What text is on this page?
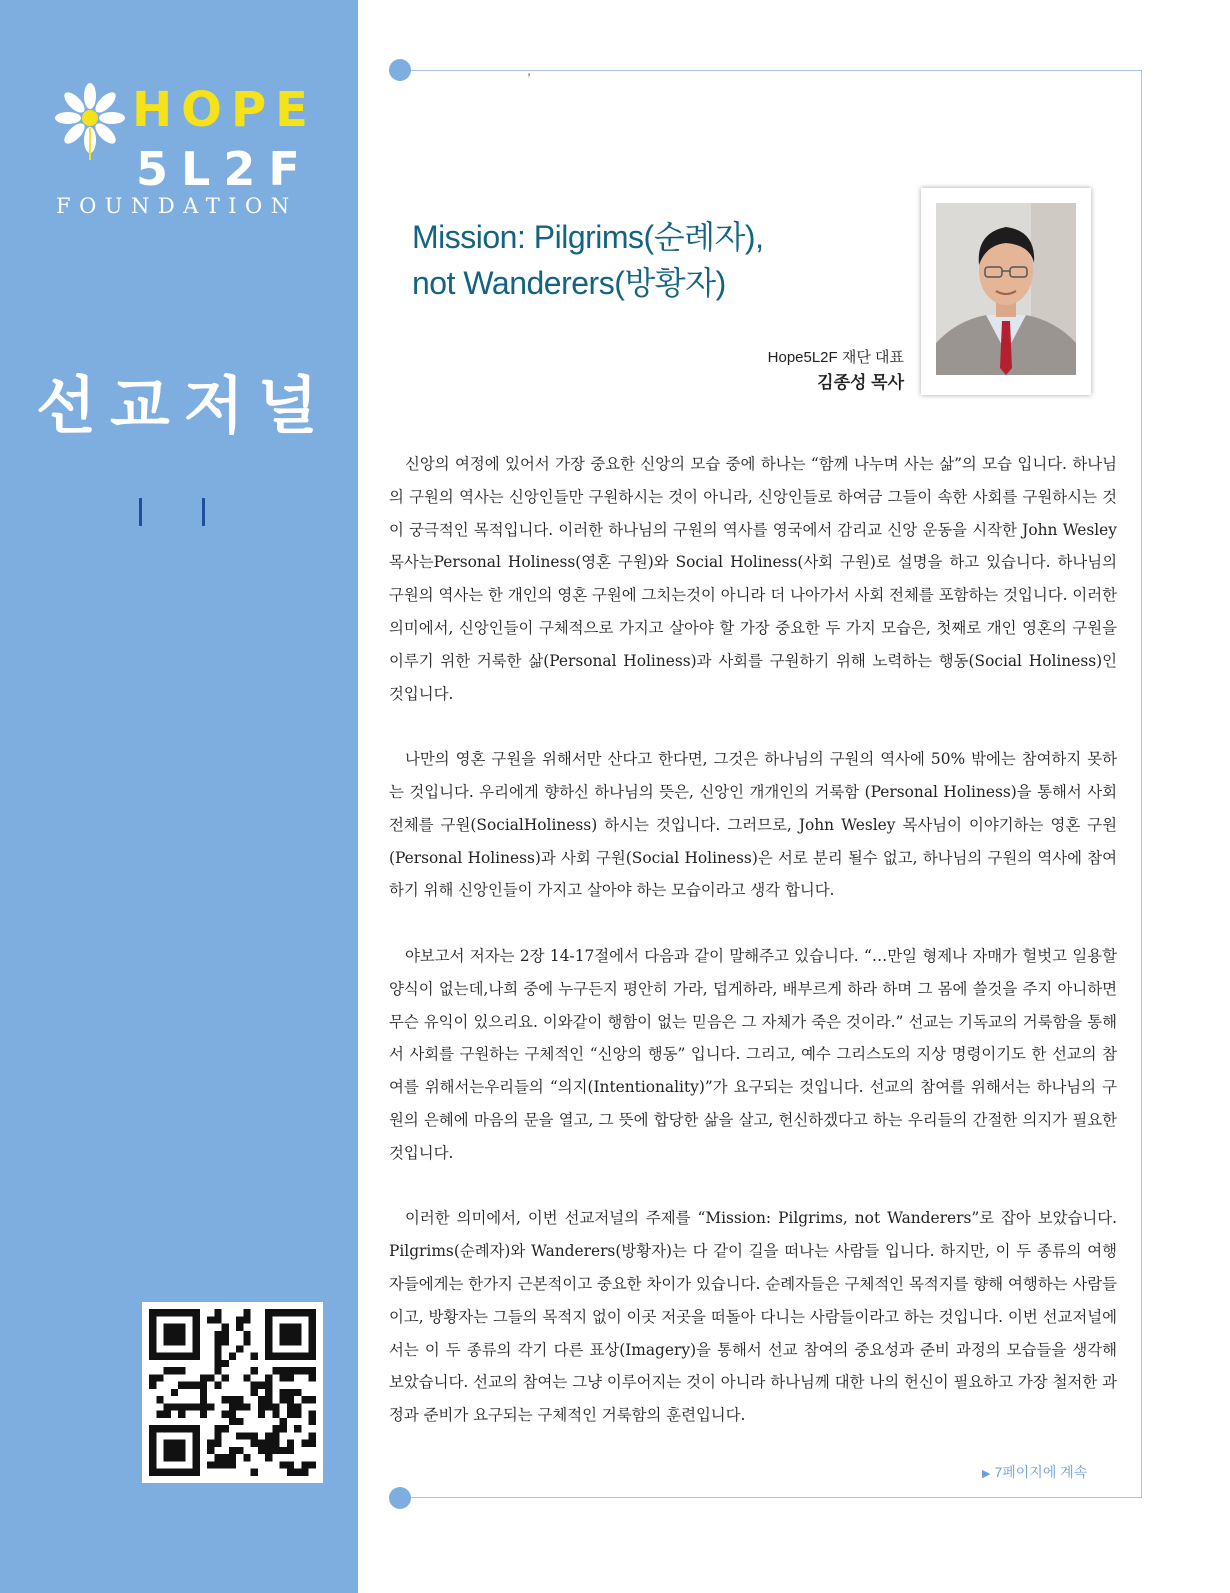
HOPE
5L2F
FOUNDATION
선교저널
’
Mission: Pilgrims(순례자),
not Wanderers(방황자)
Hope5L2F 재단 대표
김종성 목사

신앙의 여정에 있어서 가장 중요한 신앙의 모습 중에 하나는 “함께 나누며 사는 삶”의 모습 입니다. 하나님의 구원의 역사는 신앙인들만 구원하시는 것이 아니라, 신앙인들로 하여금 그들이 속한 사회를 구원하시는 것이 궁극적인 목적입니다. 이러한 하나님의 구원의 역사를 영국에서 감리교 신앙 운동을 시작한 John Wesley 목사는Personal Holiness(영혼 구원)와 Social Holiness(사회 구원)로 설명을 하고 있습니다. 하나님의 구원의 역사는 한 개인의 영혼 구원에 그치는것이 아니라 더 나아가서 사회 전체를 포함하는 것입니다. 이러한 의미에서, 신앙인들이 구체적으로 가지고 살아야 할 가장 중요한 두 가지 모습은, 첫째로 개인 영혼의 구원을 이루기 위한 거룩한 삶(Personal Holiness)과 사회를 구원하기 위해 노력하는 행동(Social Holiness)인 것입니다.

나만의 영혼 구원을 위해서만 산다고 한다면, 그것은 하나님의 구원의 역사에 50% 밖에는 참여하지 못하는 것입니다. 우리에게 향하신 하나님의 뜻은, 신앙인 개개인의 거룩함 (Personal Holiness)을 통해서 사회 전체를 구원(SocialHoliness) 하시는 것입니다. 그러므로, John Wesley 목사님이 이야기하는 영혼 구원(Personal Holiness)과 사회 구원(Social Holiness)은 서로 분리 될수 없고, 하나님의 구원의 역사에 참여하기 위해 신앙인들이 가지고 살아야 하는 모습이라고 생각 합니다.

야보고서 저자는 2장 14-17절에서 다음과 같이 말해주고 있습니다. “…만일 형제나 자매가 헐벗고 일용할 양식이 없는데,나희 중에 누구든지 평안히 가라, 덥게하라, 배부르게 하라 하며 그 몸에 쓸것을 주지 아니하면 무슨 유익이 있으리요. 이와같이 행함이 없는 믿음은 그 자체가 죽은 것이라.” 선교는 기독교의 거룩함을 통해서 사회를 구원하는 구체적인 “신앙의 행동” 입니다. 그리고, 예수 그리스도의 지상 명령이기도 한 선교의 참여를 위해서는우리들의 “의지(Intentionality)”가 요구되는 것입니다. 선교의 참여를 위해서는 하나님의 구원의 은혜에 마음의 문을 열고, 그 뜻에 합당한 삶을 살고, 헌신하겠다고 하는 우리들의 간절한 의지가 필요한 것입니다.

이러한 의미에서, 이번 선교저널의 주제를 “Mission: Pilgrims, not Wanderers”로 잡아 보았습니다. Pilgrims(순례자)와 Wanderers(방황자)는 다 같이 길을 떠나는 사람들 입니다. 하지만, 이 두 종류의 여행자들에게는 한가지 근본적이고 중요한 차이가 있습니다. 순례자들은 구체적인 목적지를 향해 여행하는 사람들이고, 방황자는 그들의 목적지 없이 이곳 저곳을 떠돌아 다니는 사람들이라고 하는 것입니다. 이번 선교저널에서는 이 두 종류의 각기 다른 표상(Imagery)을 통해서 선교 참여의 중요성과 준비 과정의 모습들을 생각해 보았습니다. 선교의 참여는 그냥 이루어지는 것이 아니라 하나님께 대한 나의 헌신이 필요하고 가장 철저한 과정과 준비가 요구되는 구체적인 거룩함의 훈련입니다.

▶ 7페이지에 계속
